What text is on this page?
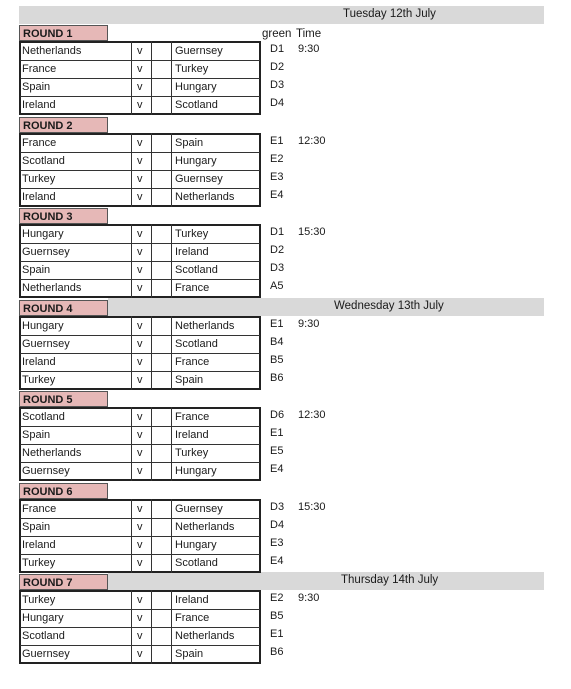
green Time
Tuesday 12th July
Wednesday 13th July
Thursday 14th July
ROUND 1
Netherlands	v	Guernsey	D1 9:30
France	v	Turkey	D2
Spain	v	Hungary	D3
Ireland	v	Scotland	D4
ROUND 2
France	v	Spain	E1 12:30
Scotland	v	Hungary	E2
Turkey	v	Guernsey	E3
Ireland	v	Netherlands	E4
ROUND 3
Hungary	v	Turkey	D1 15:30
Guernsey	v	Ireland	D2
Spain	v	Scotland	D3
Netherlands	v	France	A5
ROUND 4
Hungary	v	Netherlands	E1 9:30
Guernsey	v	Scotland	B4
Ireland	v	France	B5
Turkey	v	Spain	B6
ROUND 5
Scotland	v	France	D6 12:30
Spain	v	Ireland	E1
Netherlands	v	Turkey	E5
Guernsey	v	Hungary	E4
ROUND 6
France	v	Guernsey	D3 15:30
Spain	v	Netherlands	D4
Ireland	v	Hungary	E3
Turkey	v	Scotland	E4
ROUND 7
Turkey	v	Ireland	E2 9:30
Hungary	v	France	B5
Scotland	v	Netherlands	E1
Guernsey	v	Spain	B6
